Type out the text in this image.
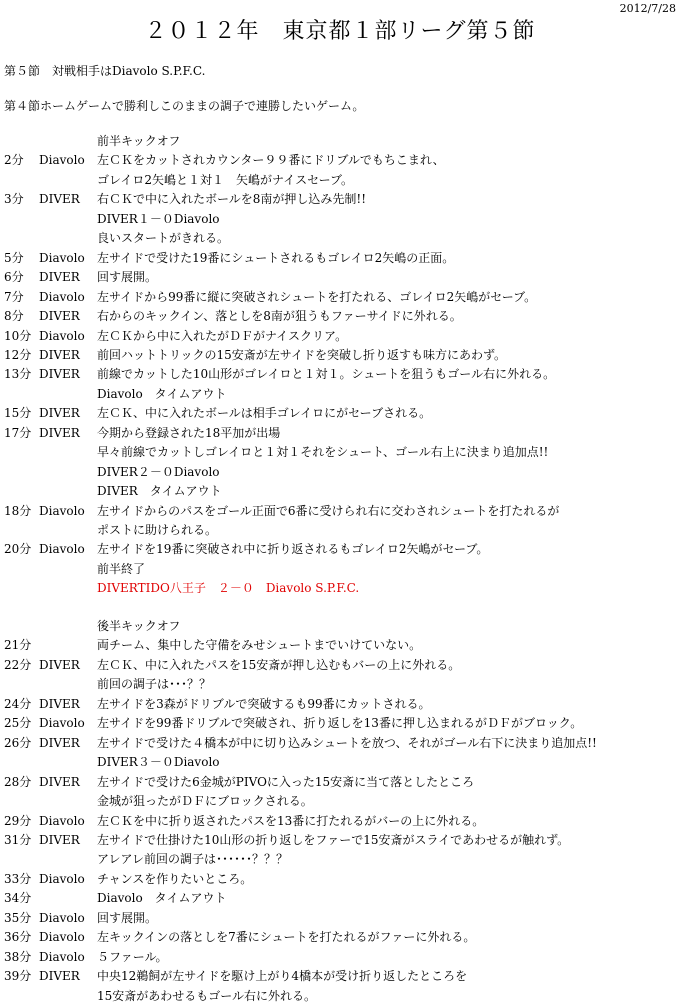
2012/7/28
２０１２年　東京都１部リーグ第５節
第５節　対戦相手はDiavolo S.P.F.C.
第４節ホームゲームで勝利しこのままの調子で連勝したいゲーム。
前半キックオフ
2分 Diavolo 左ＣＫをカットされカウンター９９番にドリブルでもちこまれ、
ゴレイロ2矢嶋と１対１　矢嶋がナイスセーブ。
3分 DIVER 右ＣＫで中に入れたボールを8南が押し込み先制!!
DIVER１－０Diavolo
良いスタートがきれる。
5分 Diavolo 左サイドで受けた19番にシュートされるもゴレイロ2矢嶋の正面。
6分 DIVER 回す展開。
7分 Diavolo 左サイドから99番に縦に突破されシュートを打たれる、ゴレイロ2矢嶋がセーブ。
8分 DIVER 右からのキックイン、落としを8南が狙うもファーサイドに外れる。
10分 Diavolo 左ＣＫから中に入れたがＤＦがナイスクリア。
12分 DIVER 前回ハットトリックの15安斎が左サイドを突破し折り返すも味方にあわず。
13分 DIVER 前線でカットした10山形がゴレイロと１対１。シュートを狙うもゴール右に外れる。
Diavolo　タイムアウト
15分 DIVER 左ＣＫ、中に入れたボールは相手ゴレイロにがセーブされる。
17分 DIVER 今期から登録された18平加が出場
早々前線でカットしゴレイロと１対１それをシュート、ゴール右上に決まり追加点!!
DIVER２－０Diavolo
DIVER　タイムアウト
18分 Diavolo 左サイドからのパスをゴール正面で6番に受けられ右に交わされシュートを打たれるが
ポストに助けられる。
20分 Diavolo 左サイドを19番に突破され中に折り返されるもゴレイロ2矢嶋がセーブ。
前半終了
DIVERTIDO八王子　２－０　Diavolo S.P.F.C.
後半キックオフ
21分	両チーム、集中した守備をみせシュートまでいけていない。
22分 DIVER 左ＣＫ、中に入れたパスを15安斎が押し込むもバーの上に外れる。
前回の調子は･･･？？
24分 DIVER 左サイドを3森がドリブルで突破するも99番にカットされる。
25分 Diavolo 左サイドを99番ドリブルで突破され、折り返しを13番に押し込まれるがＤＦがブロック。
26分 DIVER 左サイドで受けた４橋本が中に切り込みシュートを放つ、それがゴール右下に決まり追加点!!
DIVER３－０Diavolo
28分 DIVER 左サイドで受けた6金城がPIVOに入った15安斎に当て落としたところ
金城が狙ったがＤＦにブロックされる。
29分 Diavolo 左ＣＫを中に折り返されたパスを13番に打たれるがバーの上に外れる。
31分 DIVER 左サイドで仕掛けた10山形の折り返しをファーで15安斎がスライであわせるが触れず。
アレアレ前回の調子は･･････？？？
33分 Diavolo チャンスを作りたいところ。
34分	Diavolo　タイムアウト
35分 Diavolo 回す展開。
36分 Diavolo 左キックインの落としを7番にシュートを打たれるがファーに外れる。
38分 Diavolo ５ファール。
39分 DIVER 中央12鵜飼が左サイドを駆け上がり4橋本が受け折り返したところを
15安斎があわせるもゴール右に外れる。
